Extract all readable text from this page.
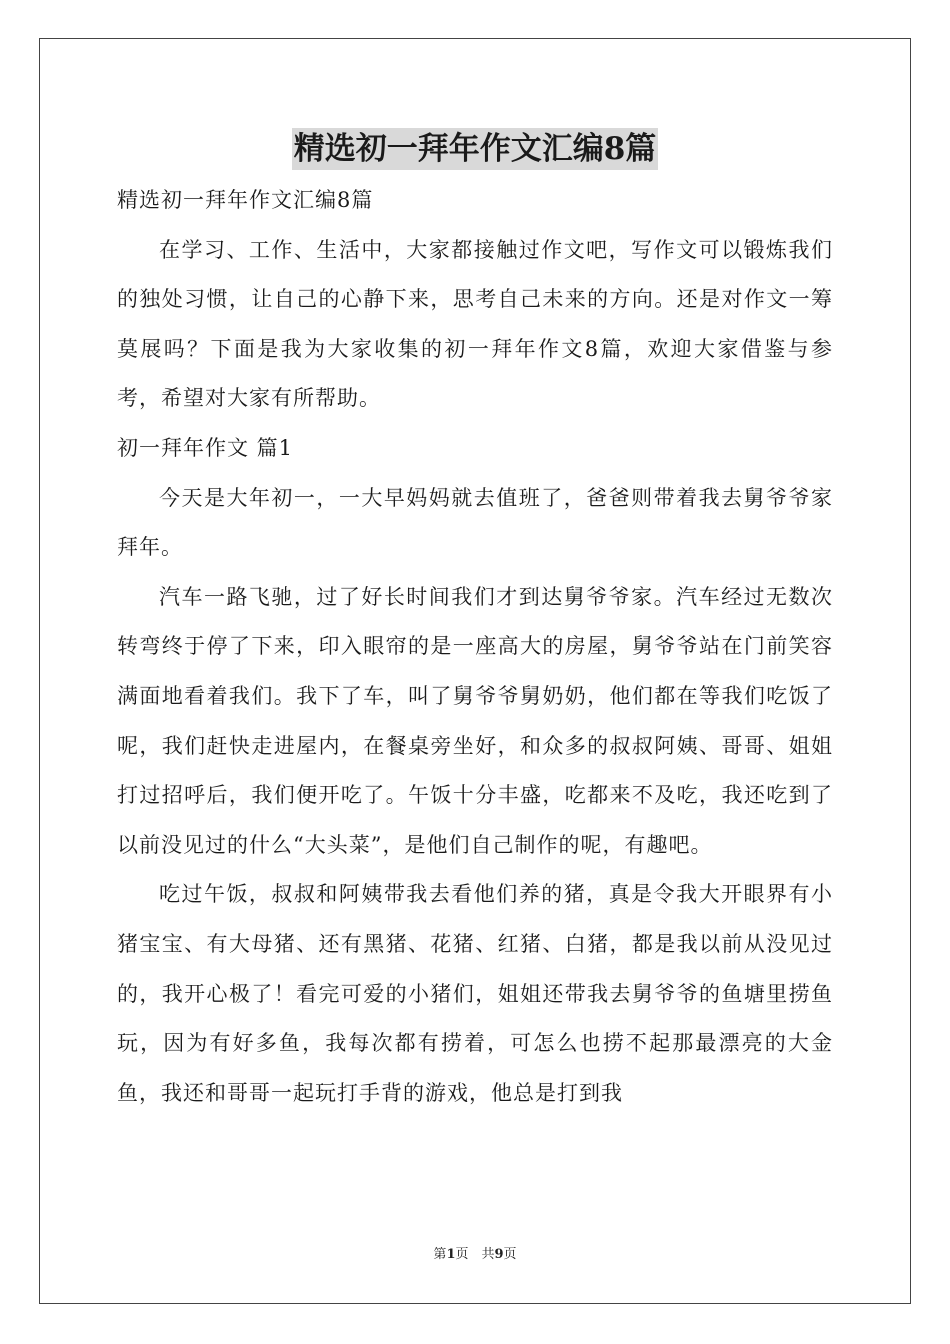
精选初一拜年作文汇编8篇

精选初一拜年作文汇编8篇

在学习、工作、生活中，大家都接触过作文吧，写作文可以锻炼我们的独处习惯，让自己的心静下来，思考自己未来的方向。还是对作文一筹莫展吗？下面是我为大家收集的初一拜年作文8篇，欢迎大家借鉴与参考，希望对大家有所帮助。

初一拜年作文 篇1

今天是大年初一，一大早妈妈就去值班了，爸爸则带着我去舅爷爷家拜年。

汽车一路飞驰，过了好长时间我们才到达舅爷爷家。汽车经过无数次转弯终于停了下来，印入眼帘的是一座高大的房屋，舅爷爷站在门前笑容满面地看着我们。我下了车，叫了舅爷爷舅奶奶，他们都在等我们吃饭了呢，我们赶快走进屋内，在餐桌旁坐好，和众多的叔叔阿姨、哥哥、姐姐打过招呼后，我们便开吃了。午饭十分丰盛，吃都来不及吃，我还吃到了以前没见过的什么“大头菜”，是他们自己制作的呢，有趣吧。

吃过午饭，叔叔和阿姨带我去看他们养的猪，真是令我大开眼界有小猪宝宝、有大母猪、还有黑猪、花猪、红猪、白猪，都是我以前从没见过的，我开心极了！看完可爱的小猪们，姐姐还带我去舅爷爷的鱼塘里捞鱼玩，因为有好多鱼，我每次都有捞着，可怎么也捞不起那最漂亮的大金鱼，我还和哥哥一起玩打手背的游戏，他总是打到我

第1页　共9页
